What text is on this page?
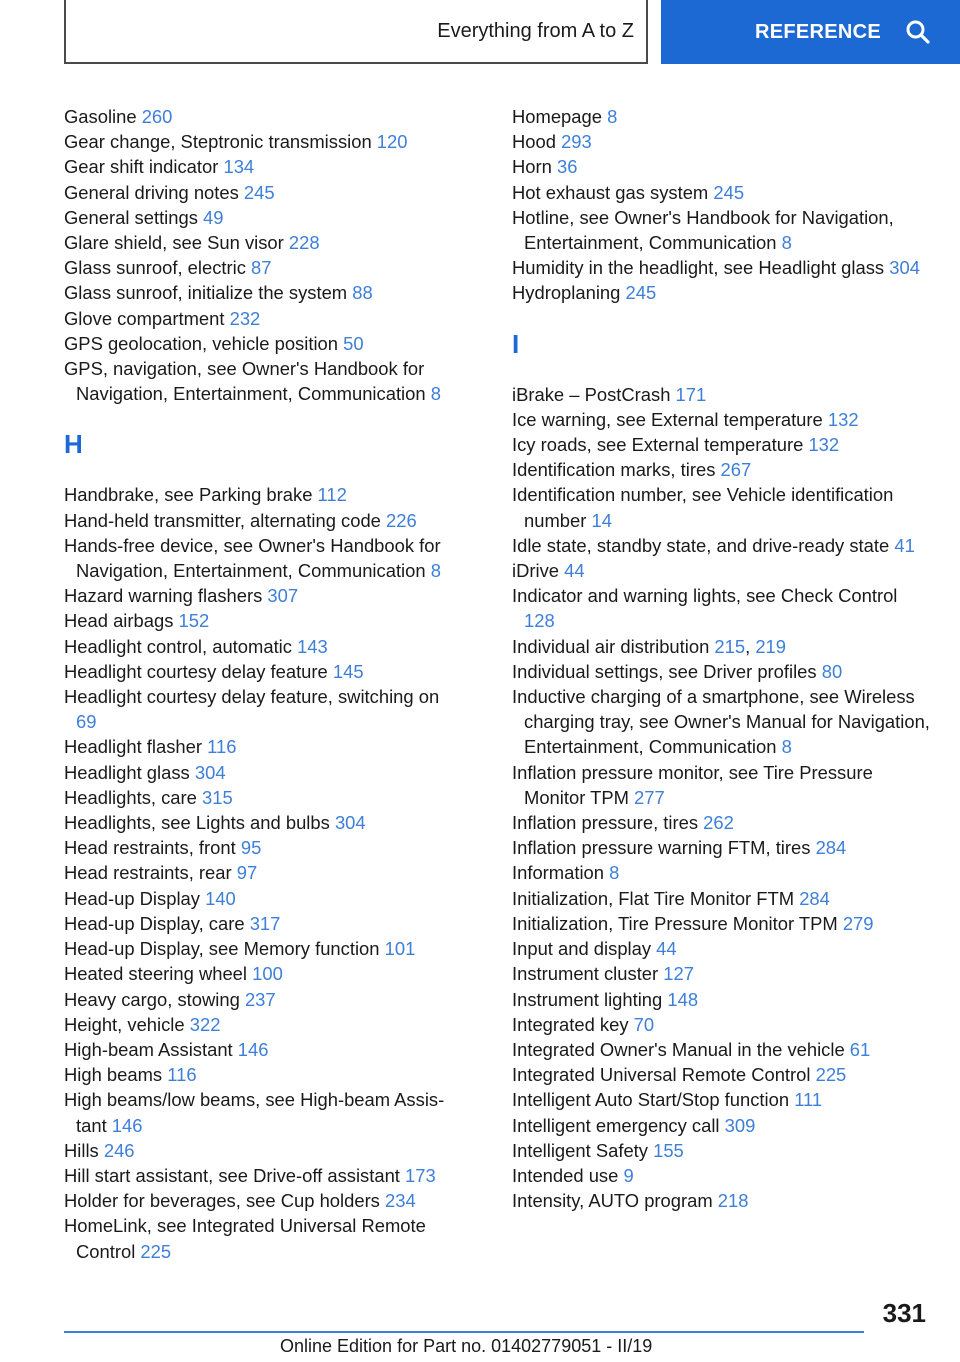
Everything from A to Z	REFERENCE
Gasoline 260
Gear change, Steptronic transmission 120
Gear shift indicator 134
General driving notes 245
General settings 49
Glare shield, see Sun visor 228
Glass sunroof, electric 87
Glass sunroof, initialize the system 88
Glove compartment 232
GPS geolocation, vehicle position 50
GPS, navigation, see Owner's Handbook for Navigation, Entertainment, Communication 8
H
Handbrake, see Parking brake 112
Hand-held transmitter, alternating code 226
Hands-free device, see Owner's Handbook for Navigation, Entertainment, Communication 8
Hazard warning flashers 307
Head airbags 152
Headlight control, automatic 143
Headlight courtesy delay feature 145
Headlight courtesy delay feature, switching on 69
Headlight flasher 116
Headlight glass 304
Headlights, care 315
Headlights, see Lights and bulbs 304
Head restraints, front 95
Head restraints, rear 97
Head-up Display 140
Head-up Display, care 317
Head-up Display, see Memory function 101
Heated steering wheel 100
Heavy cargo, stowing 237
Height, vehicle 322
High-beam Assistant 146
High beams 116
High beams/low beams, see High-beam Assistant 146
Hills 246
Hill start assistant, see Drive-off assistant 173
Holder for beverages, see Cup holders 234
HomeLink, see Integrated Universal Remote Control 225
Homepage 8
Hood 293
Horn 36
Hot exhaust gas system 245
Hotline, see Owner's Handbook for Navigation, Entertainment, Communication 8
Humidity in the headlight, see Headlight glass 304
Hydroplaning 245
I
iBrake – PostCrash 171
Ice warning, see External temperature 132
Icy roads, see External temperature 132
Identification marks, tires 267
Identification number, see Vehicle identification number 14
Idle state, standby state, and drive-ready state 41
iDrive 44
Indicator and warning lights, see Check Control 128
Individual air distribution 215, 219
Individual settings, see Driver profiles 80
Inductive charging of a smartphone, see Wireless charging tray, see Owner's Manual for Navigation, Entertainment, Communication 8
Inflation pressure monitor, see Tire Pressure Monitor TPM 277
Inflation pressure, tires 262
Inflation pressure warning FTM, tires 284
Information 8
Initialization, Flat Tire Monitor FTM 284
Initialization, Tire Pressure Monitor TPM 279
Input and display 44
Instrument cluster 127
Instrument lighting 148
Integrated key 70
Integrated Owner's Manual in the vehicle 61
Integrated Universal Remote Control 225
Intelligent Auto Start/Stop function 111
Intelligent emergency call 309
Intelligent Safety 155
Intended use 9
Intensity, AUTO program 218
331
Online Edition for Part no. 01402779051 - II/19
